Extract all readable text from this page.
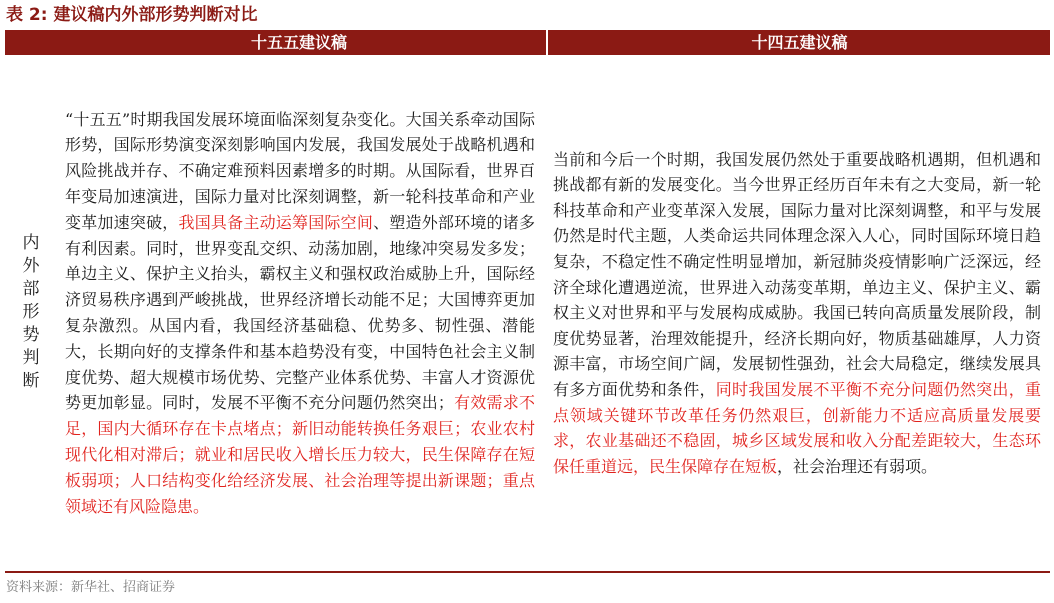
表 2: 建议稿内外部形势判断对比
十五五建议稿	十四五建议稿
内外部形势判断

“十五五”时期我国发展环境面临深刻复杂变化。大国关系牵动国际形势，国际形势演变深刻影响国内发展，我国发展处于战略机遇和风险挑战并存、不确定难预料因素增多的时期。从国际看，世界百年变局加速演进，国际力量对比深刻调整，新一轮科技革命和产业变革加速突破，我国具备主动运筹国际空间、塑造外部环境的诸多有利因素。同时，世界变乱交织、动荡加剧，地缘冲突易发多发；单边主义、保护主义抬头，霸权主义和强权政治威胁上升，国际经济贸易秩序遇到严峻挑战，世界经济增长动能不足；大国博弈更加复杂激烈。从国内看，我国经济基础稳、优势多、韧性强、潜能大，长期向好的支撑条件和基本趋势没有变，中国特色社会主义制度优势、超大规模市场优势、完整产业体系优势、丰富人才资源优势更加彰显。同时，发展不平衡不充分问题仍然突出；有效需求不足，国内大循环存在卡点堵点；新旧动能转换任务艰巨；农业农村现代化相对滞后；就业和居民收入增长压力较大，民生保障存在短板弱项；人口结构变化给经济发展、社会治理等提出新课题；重点领域还有风险隐患。

当前和今后一个时期，我国发展仍然处于重要战略机遇期，但机遇和挑战都有新的发展变化。当今世界正经历百年未有之大变局，新一轮科技革命和产业变革深入发展，国际力量对比深刻调整，和平与发展仍然是时代主题，人类命运共同体理念深入人心，同时国际环境日趋复杂，不稳定性不确定性明显增加，新冠肺炎疫情影响广泛深远，经济全球化遭遇逆流，世界进入动荡变革期，单边主义、保护主义、霸权主义对世界和平与发展构成威胁。我国已转向高质量发展阶段，制度优势显著，治理效能提升，经济长期向好，物质基础雄厚，人力资源丰富，市场空间广阔，发展韧性强劲，社会大局稳定，继续发展具有多方面优势和条件，同时我国发展不平衡不充分问题仍然突出，重点领域关键环节改革任务仍然艰巨，创新能力不适应高质量发展要求，农业基础还不稳固，城乡区域发展和收入分配差距较大，生态环保任重道远，民生保障存在短板，社会治理还有弱项。

资料来源：新华社、招商证券
